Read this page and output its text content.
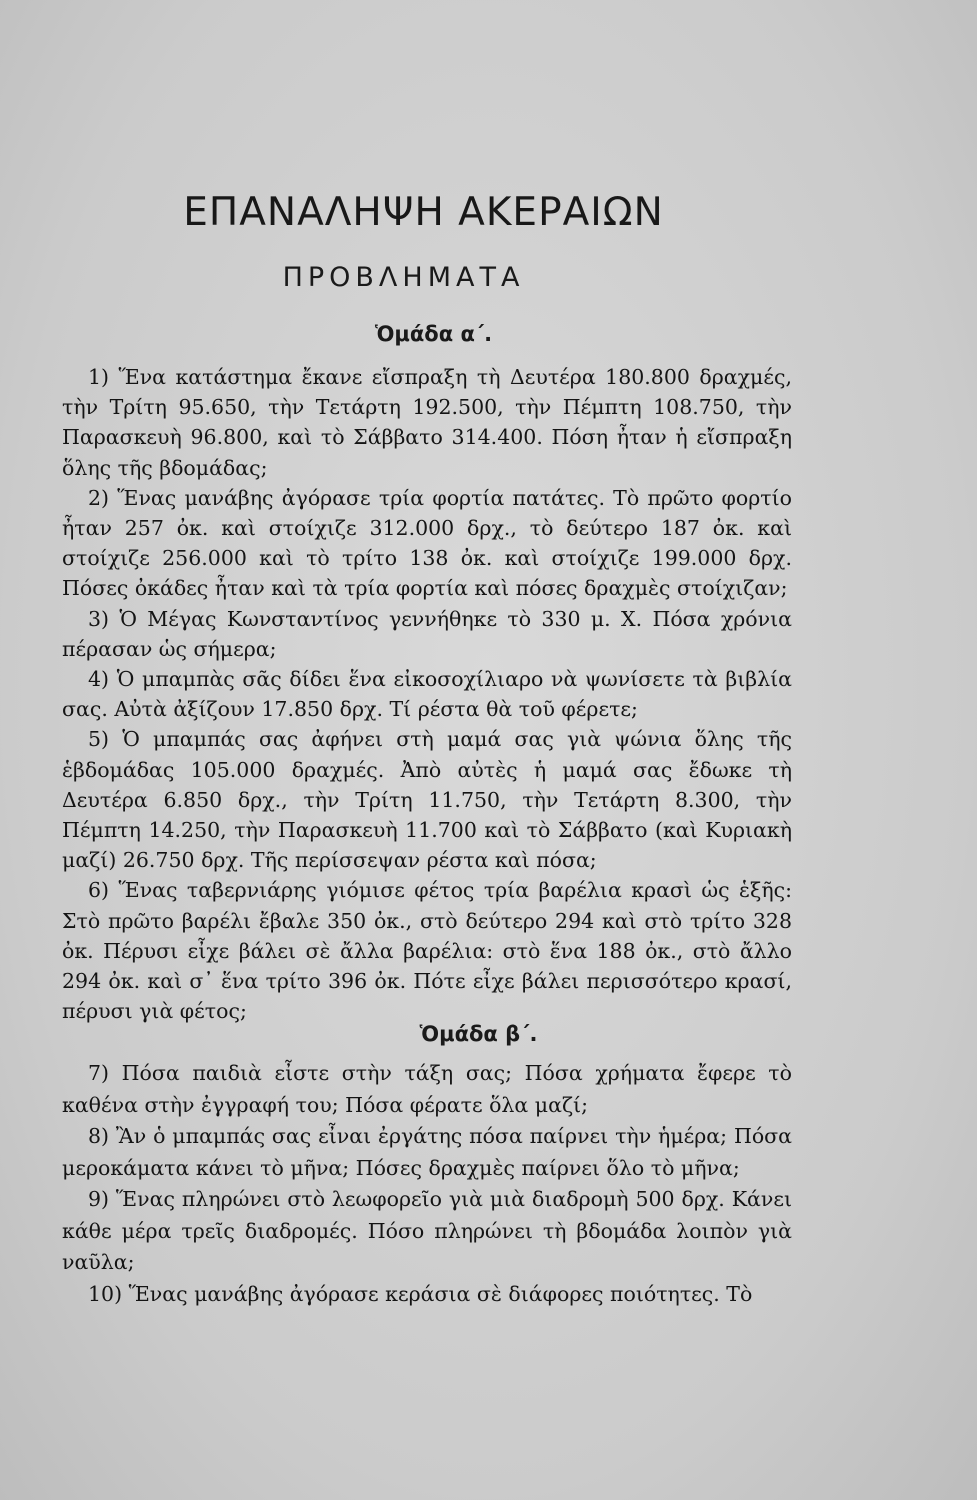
ΕΠΑΝΑΛΗΨΗ ΑΚΕΡΑΙΩΝ
ΠΡΟΒΛΗΜΑΤΑ
Ὁμάδα α΄.

1) Ἕνα κατάστημα ἔκανε εἴσπραξη τὴ Δευτέρα 180.800 δραχμές, τὴν Τρίτη 95.650, τὴν Τετάρτη 192.500, τὴν Πέμπτη 108.750, τὴν Παρασκευὴ 96.800, καὶ τὸ Σάββατο 314.400. Πόση ἦταν ἡ εἴσπραξη ὅλης τῆς βδομάδας;

2) Ἕνας μανάβης ἀγόρασε τρία φορτία πατάτες. Τὸ πρῶτο φορτίο ἦταν 257 ὀκ. καὶ στοίχιζε 312.000 δρχ., τὸ δεύτερο 187 ὀκ. καὶ στοίχιζε 256.000 καὶ τὸ τρίτο 138 ὀκ. καὶ στοίχιζε 199.000 δρχ. Πόσες ὀκάδες ἦταν καὶ τὰ τρία φορτία καὶ πόσες δραχμὲς στοίχιζαν;

3) Ὁ Μέγας Κωνσταντίνος γεννήθηκε τὸ 330 μ. Χ. Πόσα χρόνια πέρασαν ὡς σήμερα;

4) Ὁ μπαμπὰς σᾶς δίδει ἕνα εἰκοσοχίλιαρο νὰ ψωνίσετε τὰ βιβλία σας. Αὐτὰ ἀξίζουν 17.850 δρχ. Τί ρέστα θὰ τοῦ φέρετε;

5) Ὁ μπαμπάς σας ἀφήνει στὴ μαμά σας γιὰ ψώνια ὅλης τῆς ἑβδομάδας 105.000 δραχμές. Ἀπὸ αὐτὲς ἡ μαμά σας ἔδωκε τὴ Δευτέρα 6.850 δρχ., τὴν Τρίτη 11.750, τὴν Τετάρτη 8.300, τὴν Πέμπτη 14.250, τὴν Παρασκευὴ 11.700 καὶ τὸ Σάββατο (καὶ Κυριακὴ μαζί) 26.750 δρχ. Τῆς περίσσεψαν ρέστα καὶ πόσα;

6) Ἕνας ταβερνιάρης γιόμισε φέτος τρία βαρέλια κρασὶ ὡς ἑξῆς: Στὸ πρῶτο βαρέλι ἔβαλε 350 ὀκ., στὸ δεύτερο 294 καὶ στὸ τρίτο 328 ὀκ. Πέρυσι εἶχε βάλει σὲ ἄλλα βαρέλια: στὸ ἕνα 188 ὀκ., στὸ ἄλλο 294 ὀκ. καὶ σ᾽ ἕνα τρίτο 396 ὀκ. Πότε εἶχε βάλει περισσότερο κρασί, πέρυσι γιὰ φέτος;

Ὁμάδα β΄.

7) Πόσα παιδιὰ εἶστε στὴν τάξη σας; Πόσα χρήματα ἔφερε τὸ καθένα στὴν ἐγγραφή του; Πόσα φέρατε ὅλα μαζί;

8) Ἂν ὁ μπαμπάς σας εἶναι ἐργάτης πόσα παίρνει τὴν ἡμέρα; Πόσα μεροκάματα κάνει τὸ μῆνα; Πόσες δραχμὲς παίρνει ὅλο τὸ μῆνα;

9) Ἕνας πληρώνει στὸ λεωφορεῖο γιὰ μιὰ διαδρομὴ 500 δρχ. Κάνει κάθε μέρα τρεῖς διαδρομές. Πόσο πληρώνει τὴ βδομάδα λοιπὸν γιὰ ναῦλα;

10) Ἕνας μανάβης ἀγόρασε κεράσια σὲ διάφορες ποιότητες. Τὸ
